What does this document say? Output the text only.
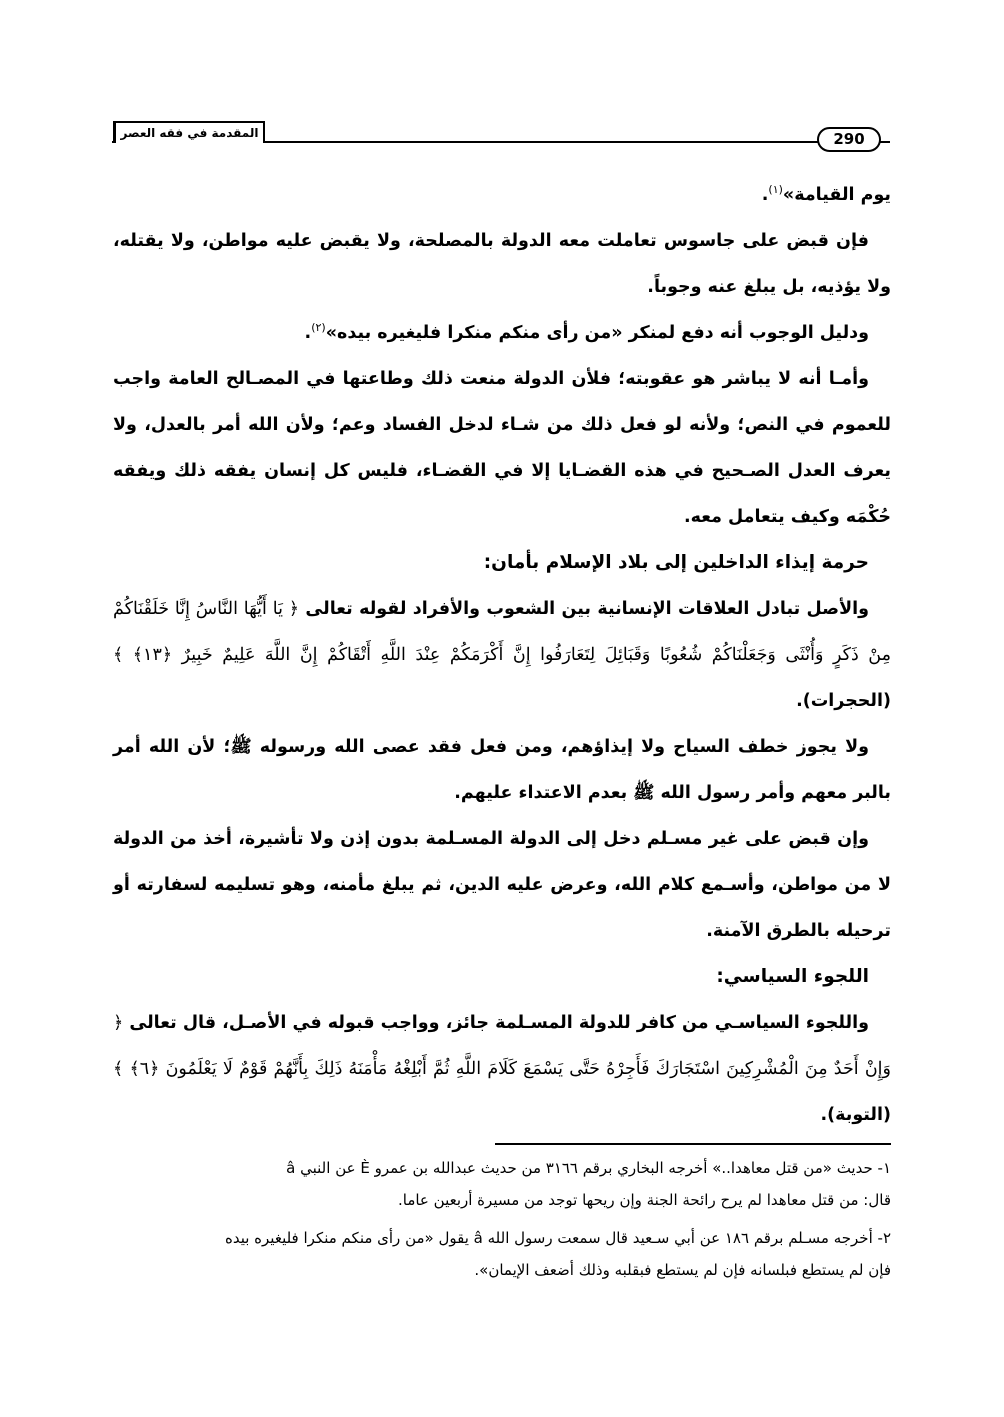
المقدمة في فقه العصر	290

يوم القيامة»$^{(١)}$.

فإن قبض على جاسوس تعاملت معه الدولة بالمصلحة، ولا يقبض عليه مواطن، ولا يقتله، ولا يؤذيه، بل يبلغ عنه وجوباً.

ودليل الوجوب أنه دفع لمنكر «من رأى منكم منكرا فليغيره بيده»$^{(٢)}$.

وأمـا أنه لا يباشر هو عقوبته؛ فلأن الدولة منعت ذلك وطاعتها في المصـالح العامة واجب للعموم في النص؛ ولأنه لو فعل ذلك من شـاء لدخل الفساد وعم؛ ولأن الله أمر بالعدل، ولا يعرف العدل الصـحيح في هذه القضـايا إلا في القضـاء، فليس كل إنسان يفقه ذلك ويفقه حُكْمَه وكيف يتعامل معه.

حرمة إيذاء الداخلين إلى بلاد الإسلام بأمان:

والأصل تبادل العلاقات الإنسانية بين الشعوب والأفراد لقوله تعالى ﴿ يَا أَيُّهَا النَّاسُ إِنَّا خَلَقْنَاكُمْ مِنْ ذَكَرٍ وَأُنْثَى وَجَعَلْنَاكُمْ شُعُوبًا وَقَبَائِلَ لِتَعَارَفُوا إِنَّ أَكْرَمَكُمْ عِنْدَ اللَّهِ أَتْقَاكُمْ إِنَّ اللَّهَ عَلِيمٌ خَبِيرٌ ﴿١٣﴾ ﴾ (الحجرات).

ولا يجوز خطف السياح ولا إيذاؤهم، ومن فعل فقد عصى الله ورسوله ﷺ؛ لأن الله أمر بالبر معهم وأمر رسول الله ﷺ بعدم الاعتداء عليهم.

وإن قبض على غير مسـلم دخل إلى الدولة المسـلمة بدون إذن ولا تأشيرة، أخذ من الدولة لا من مواطن، وأسـمع كلام الله، وعرض عليه الدين، ثم يبلغ مأمنه، وهو تسليمه لسفارته أو ترحيله بالطرق الآمنة.

اللجوء السياسي:

واللجوء السياسـي من كافر للدولة المسـلمة جائز، وواجب قبوله في الأصـل، قال تعالى ﴿ وَإِنْ أَحَدٌ مِنَ الْمُشْرِكِينَ اسْتَجَارَكَ فَأَجِرْهُ حَتَّى يَسْمَعَ كَلَامَ اللَّهِ ثُمَّ أَبْلِغْهُ مَأْمَنَهُ ذَلِكَ بِأَنَّهُمْ قَوْمٌ لَا يَعْلَمُونَ ﴿٦﴾ ﴾ (التوبة).

١- حديث «من قتل معاهدا..» أخرجه البخاري برقم ٣١٦٦ من حديث عبدالله بن عمرو È عن النبي â

قال: من قتل معاهدا لم يرح رائحة الجنة وإن ريحها توجد من مسيرة أربعين عاما.

٢- أخرجه مسـلم برقم ١٨٦ عن أبي سـعيد قال سمعت رسول الله â يقول «من رأى منكم منكرا فليغيره بيده

فإن لم يستطع فبلسانه فإن لم يستطع فبقلبه وذلك أضعف الإيمان».
